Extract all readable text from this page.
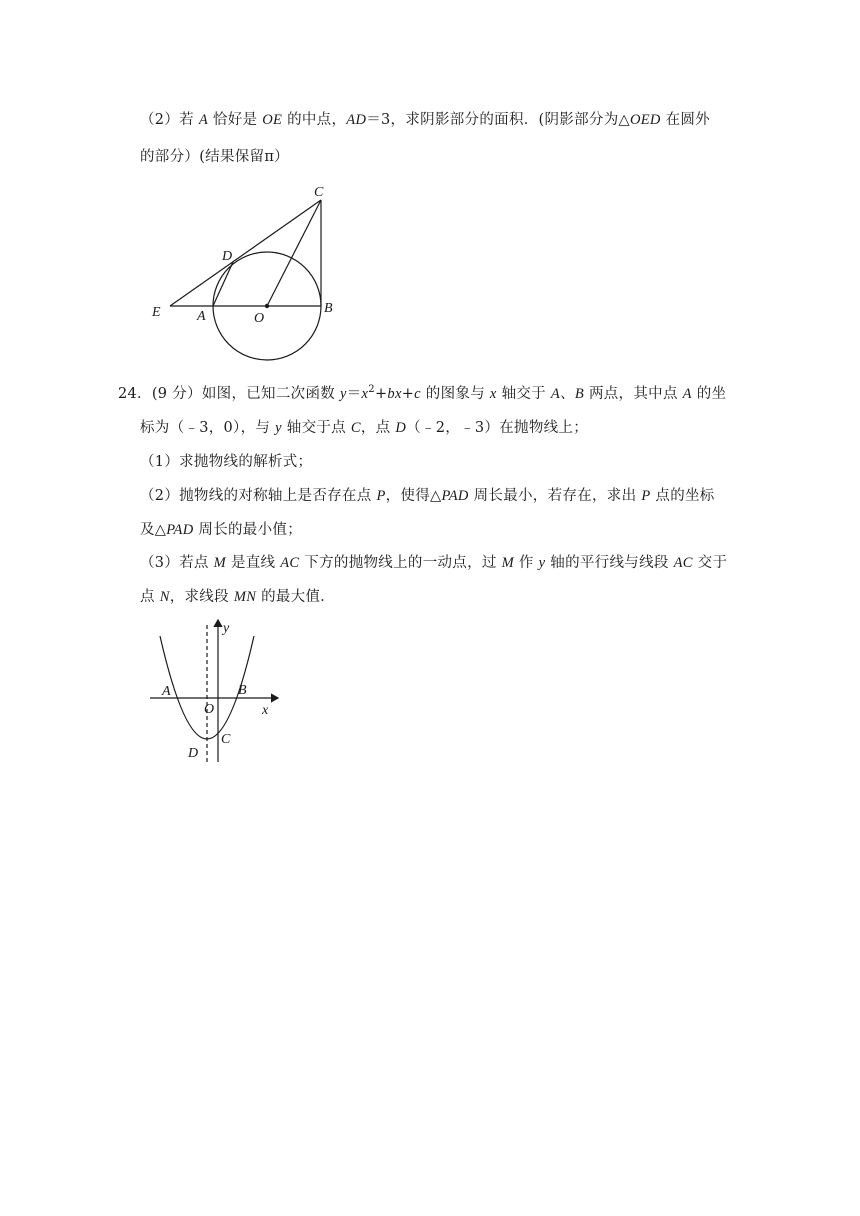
（2）若 A 恰好是 OE 的中点，AD＝3，求阴影部分的面积．(阴影部分为△OED 在圆外
的部分）(结果保留π）
C
D
E	A	O
B
24．(9 分）如图，已知二次函数 $y=x^2+bx+c$ 的图象与 x 轴交于 A、B 两点，其中点 A 的坐
标为（﹣3，0），与 y 轴交于点 C，点 D（﹣2，﹣3）在抛物线上；
（1）求抛物线的解析式；
（2）抛物线的对称轴上是否存在点 P，使得△PAD 周长最小，若存在，求出 P 点的坐标
及△PAD 周长的最小值；
（3）若点 M 是直线 AC 下方的抛物线上的一动点，过 M 作 y 轴的平行线与线段 AC 交于
点 N，求线段 MN 的最大值．
y
A	B
O	x
C
D
